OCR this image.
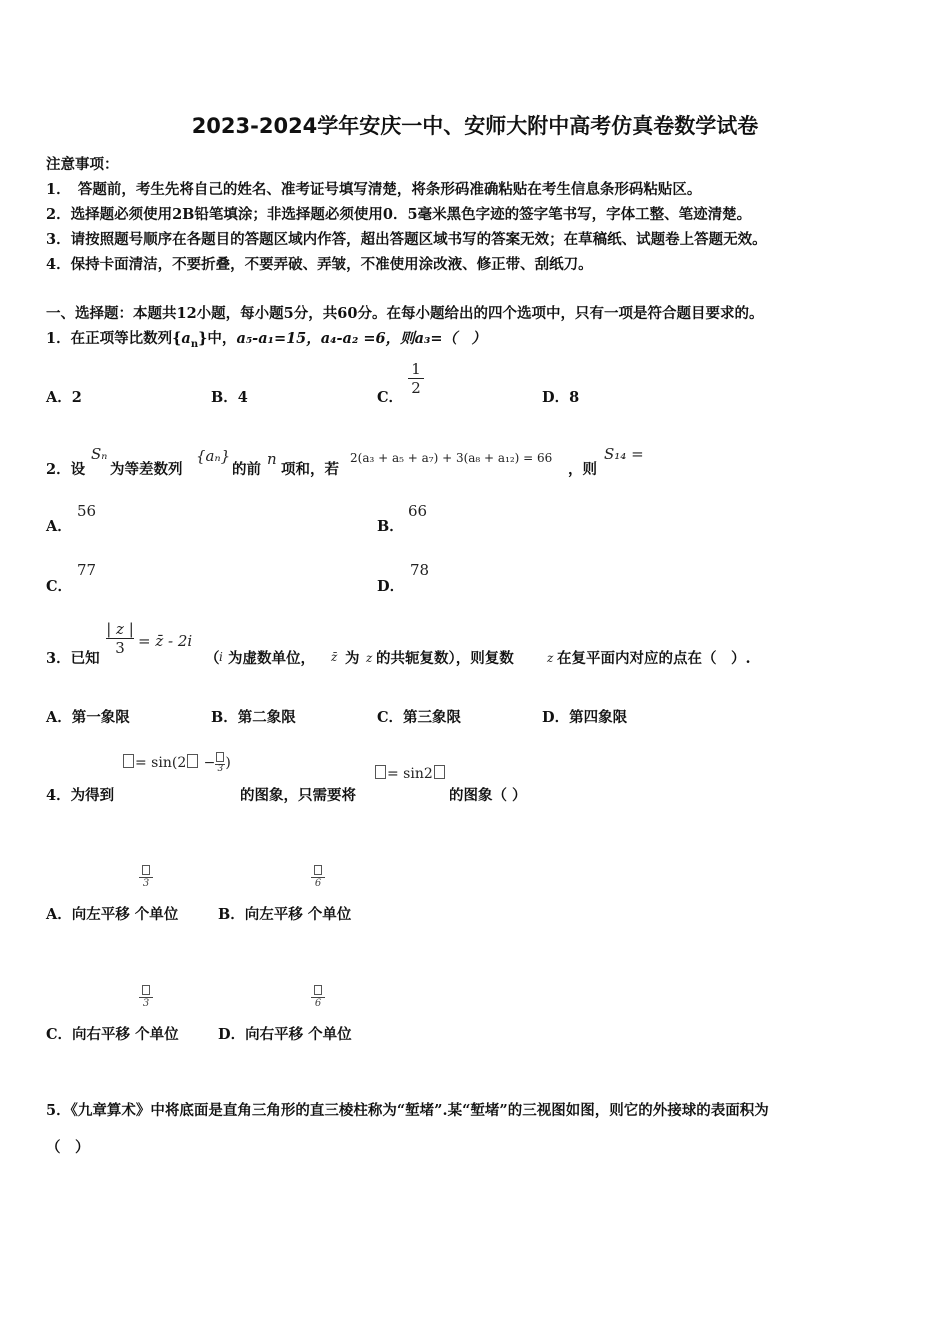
2023-2024学年安庆一中、安师大附中高考仿真卷数学试卷
注意事项：
1．　答题前，考生先将自己的姓名、准考证号填写清楚，将条形码准确粘贴在考生信息条形码粘贴区。
2．选择题必须使用2B铅笔填涂；非选择题必须使用0．5毫米黑色字迹的签字笔书写，字体工整、笔迹清楚。
3．请按照题号顺序在各题目的答题区域内作答，超出答题区域书写的答案无效；在草稿纸、试题卷上答题无效。
4．保持卡面清洁，不要折叠，不要弄破、弄皱，不准使用涂改液、修正带、刮纸刀。
一、选择题：本题共12小题，每小题5分，共60分。在每小题给出的四个选项中，只有一项是符合题目要求的。
1．在正项等比数列$\{a_n\}$中，a₅-a₁=15，a₄-a₂ =6，则a₃=（　）
A．2	B．4	C．
$\frac{1}{2}$
D．8
2．设
Sₙ
为等差数列
{aₙ}
的前
n
项和，若
2(a₃ + a₅ + a₇) + 3(a₈ + a₁₂) = 66
，则
S₁₄ =
A．
56
B．
66
C．
77
D．
78
3．已知
$\frac{| z |}{3}$ = z̄ - 2i
（ i 为虚数单位， z̄ 为 z 的共轭复数），则复数	z 在复平面内对应的点在（　）.
A．第一象限	B．第二象限	C．第三象限	D．第四象限
= sin(2 − 3 )
= sin2
4．为得到	的图象，只需要将	的图象（ ）
3	6
A．向左平移 个单位	B．向左平移 个单位
3	6
C．向右平移 个单位	D．向右平移 个单位
5．《九章算术》中将底面是直角三角形的直三棱柱称为“堑堵”.某“堑堵”的三视图如图，则它的外接球的表面积为
（　）
